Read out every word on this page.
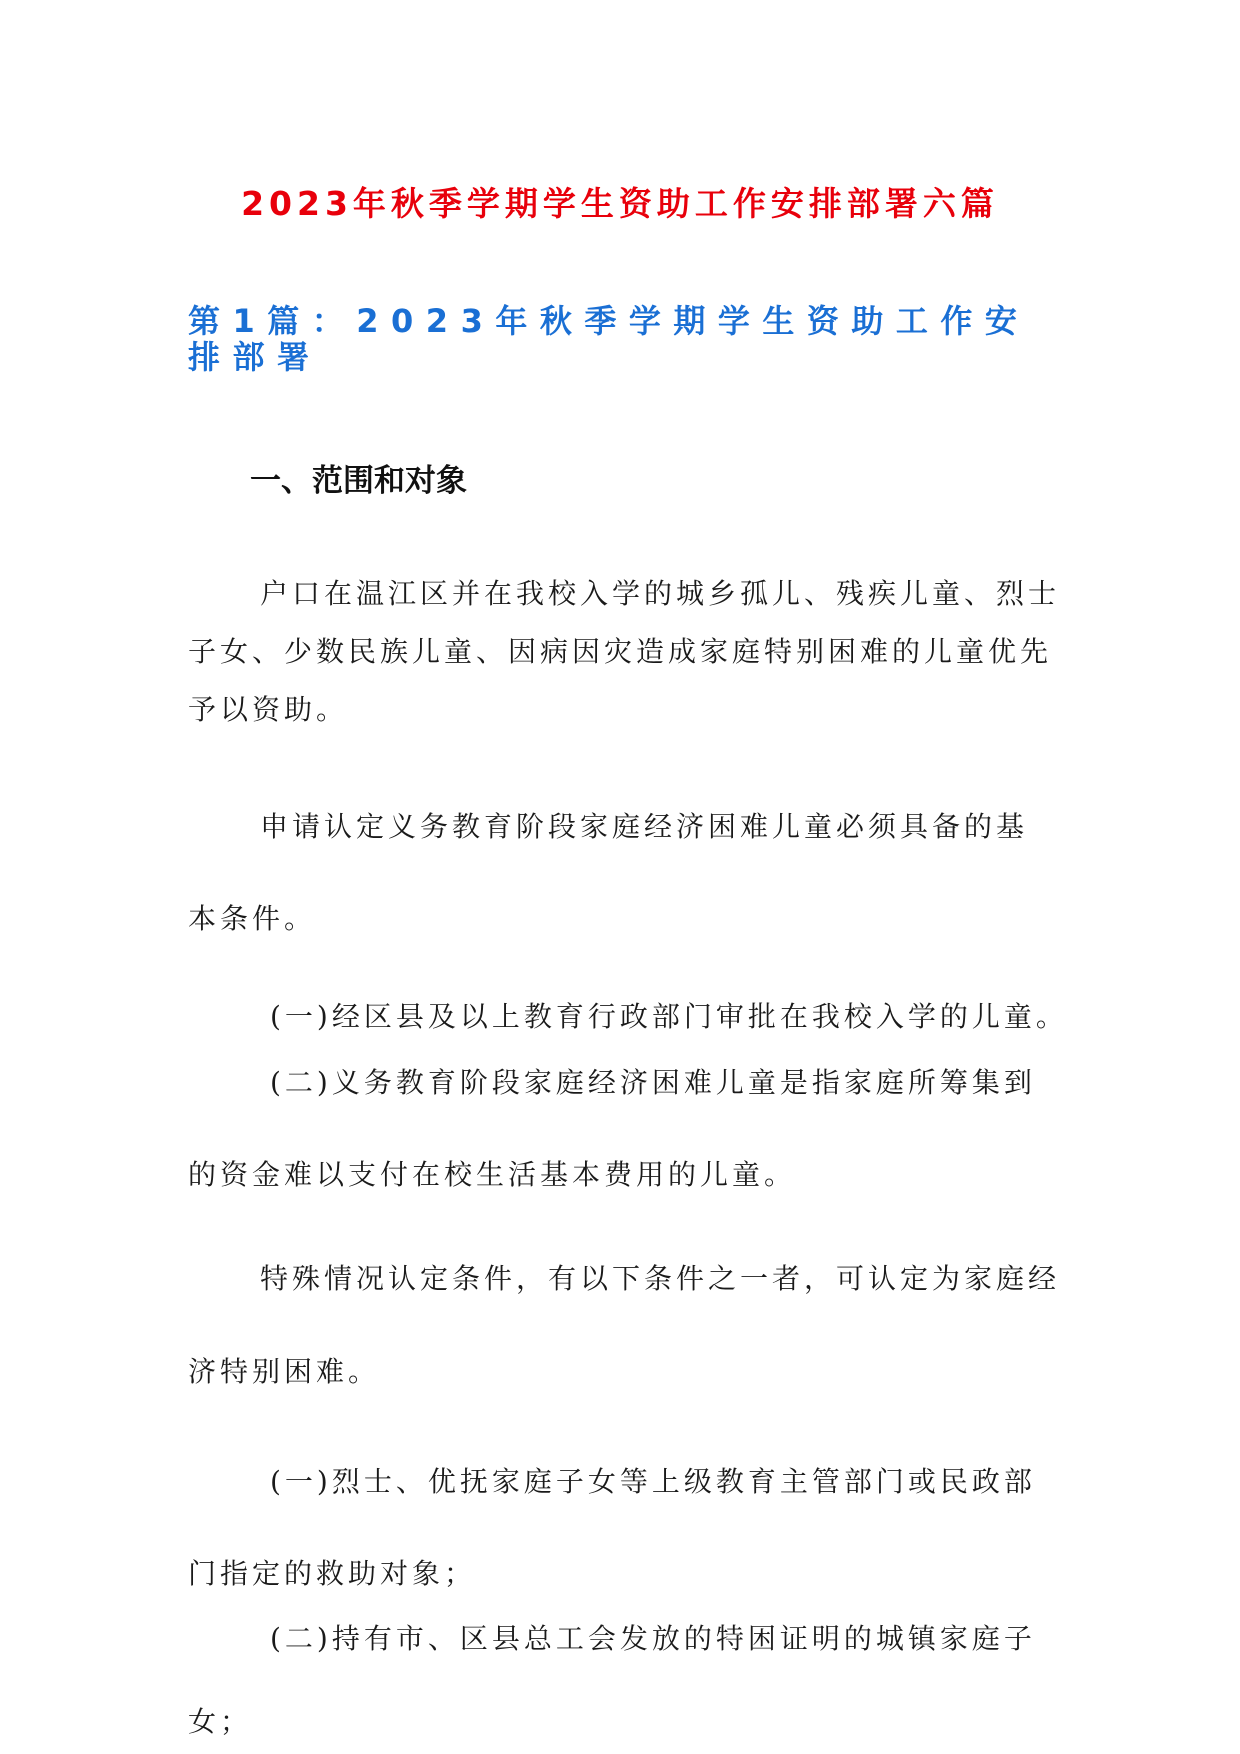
2023年秋季学期学生资助工作安排部署六篇
第1篇：2023年秋季学期学生资助工作安排部署
一、范围和对象

户口在温江区并在我校入学的城乡孤儿、残疾儿童、烈士

子女、少数民族儿童、因病因灾造成家庭特别困难的儿童优先

予以资助。

申请认定义务教育阶段家庭经济困难儿童必须具备的基

本条件。

(一)经区县及以上教育行政部门审批在我校入学的儿童。

(二)义务教育阶段家庭经济困难儿童是指家庭所筹集到

的资金难以支付在校生活基本费用的儿童。

特殊情况认定条件，有以下条件之一者，可认定为家庭经

济特别困难。

(一)烈士、优抚家庭子女等上级教育主管部门或民政部

门指定的救助对象；

(二)持有市、区县总工会发放的特困证明的城镇家庭子

女；
